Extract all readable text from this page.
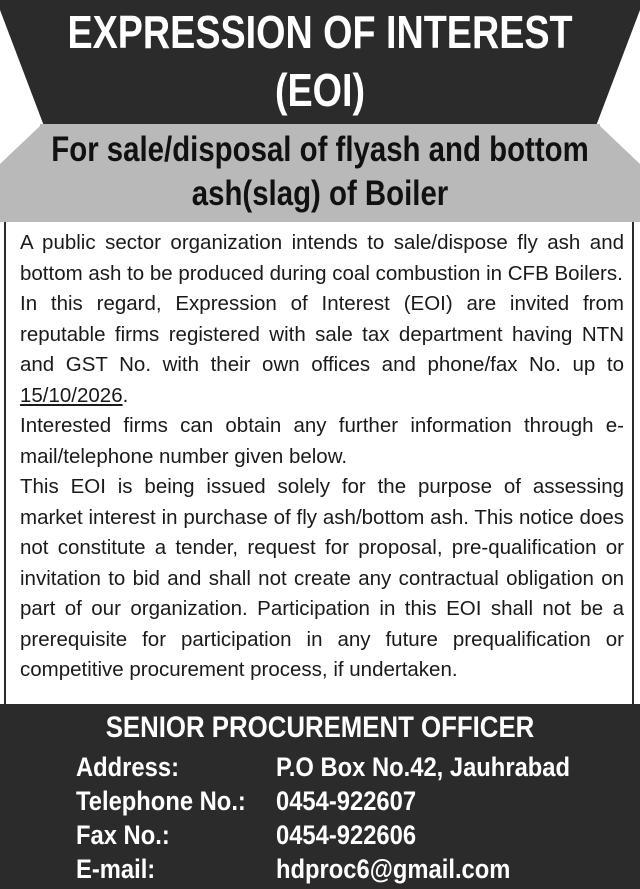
EXPRESSION OF INTEREST
(EOI)
For sale/disposal of flyash and bottom
ash(slag) of Boiler
A public sector organization intends to sale/dispose fly ash and bottom ash to be produced during coal combustion in CFB Boilers.
In this regard, Expression of Interest (EOI) are invited from reputable firms registered with sale tax department having NTN and GST No. with their own offices and phone/fax No. up to 15/10/2026.
Interested firms can obtain any further information through e-mail/telephone number given below.
This EOI is being issued solely for the purpose of assessing market interest in purchase of fly ash/bottom ash. This notice does not constitute a tender, request for proposal, pre-qualification or invitation to bid and shall not create any contractual obligation on part of our organization. Participation in this EOI shall not be a prerequisite for participation in any future prequalification or competitive procurement process, if undertaken.
SENIOR PROCUREMENT OFFICER
Address:	P.O Box No.42, Jauhrabad
Telephone No.: 0454-922607
Fax No.:	0454-922606
E-mail:	hdproc6@gmail.com
